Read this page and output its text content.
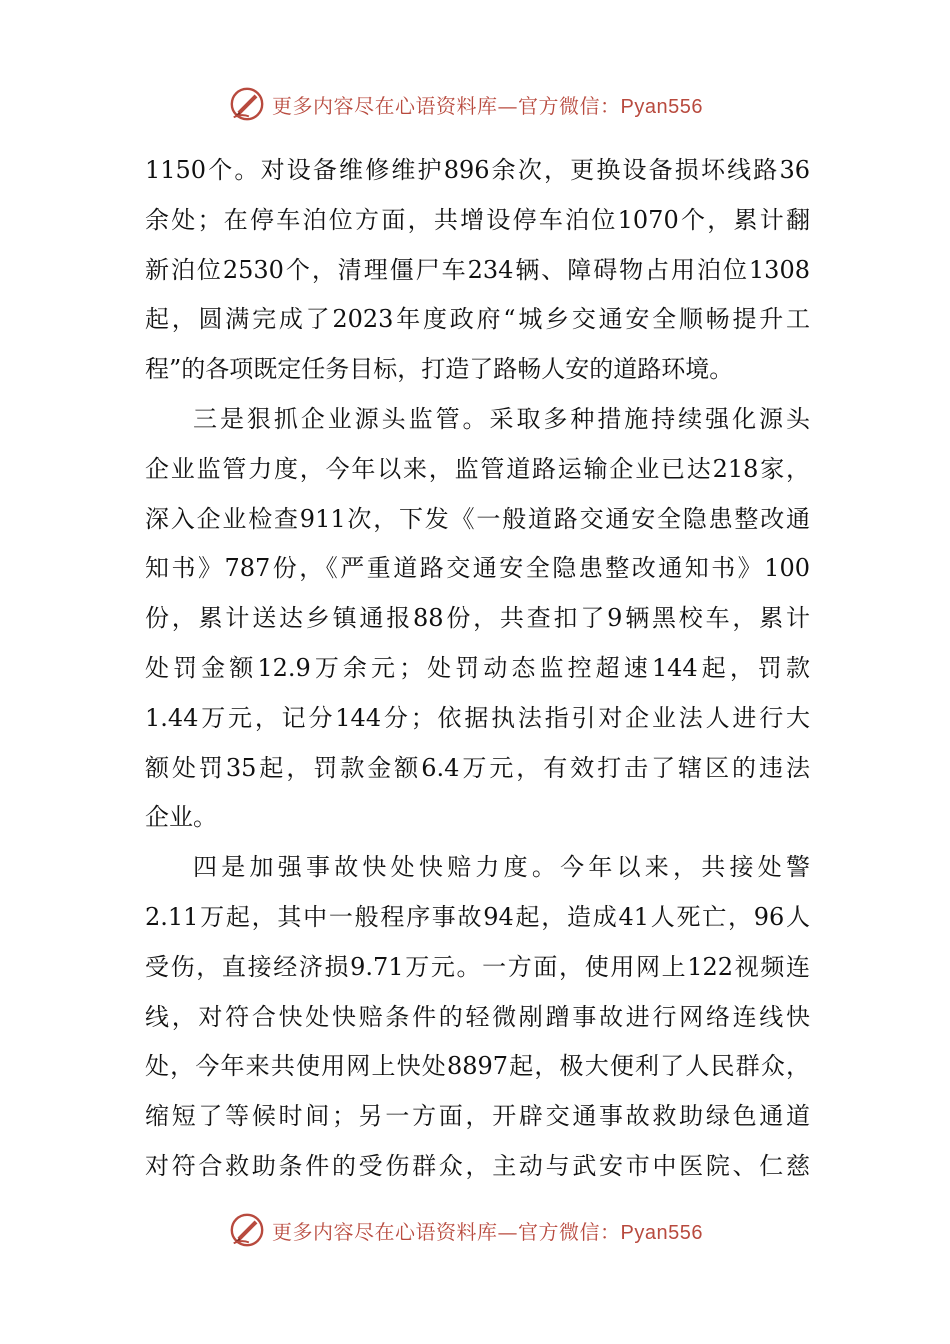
更多内容尽在心语资料库—官方微信：Pyan556
1150个。对设备维修维护896余次，更换设备损坏线路36
余处；在停车泊位方面，共增设停车泊位1070个，累计翻
新泊位2530个，清理僵尸车234辆、障碍物占用泊位1308
起，圆满完成了2023年度政府“城乡交通安全顺畅提升工
程”的各项既定任务目标，打造了路畅人安的道路环境。
三是狠抓企业源头监管。采取多种措施持续强化源头
企业监管力度，今年以来，监管道路运输企业已达218家，
深入企业检查911次，下发《一般道路交通安全隐患整改通
知书》787份，《严重道路交通安全隐患整改通知书》100
份，累计送达乡镇通报88份，共查扣了9辆黑校车，累计
处罚金额12.9万余元；处罚动态监控超速144起，罚款
1.44万元，记分144分；依据执法指引对企业法人进行大
额处罚35起，罚款金额6.4万元，有效打击了辖区的违法
企业。
四是加强事故快处快赔力度。今年以来，共接处警
2.11万起，其中一般程序事故94起，造成41人死亡，96人
受伤，直接经济损9.71万元。一方面，使用网上122视频连
线，对符合快处快赔条件的轻微剐蹭事故进行网络连线快
处，今年来共使用网上快处8897起，极大便利了人民群众，
缩短了等候时间；另一方面，开辟交通事故救助绿色通道
对符合救助条件的受伤群众，主动与武安市中医院、仁慈
更多内容尽在心语资料库—官方微信：Pyan556
